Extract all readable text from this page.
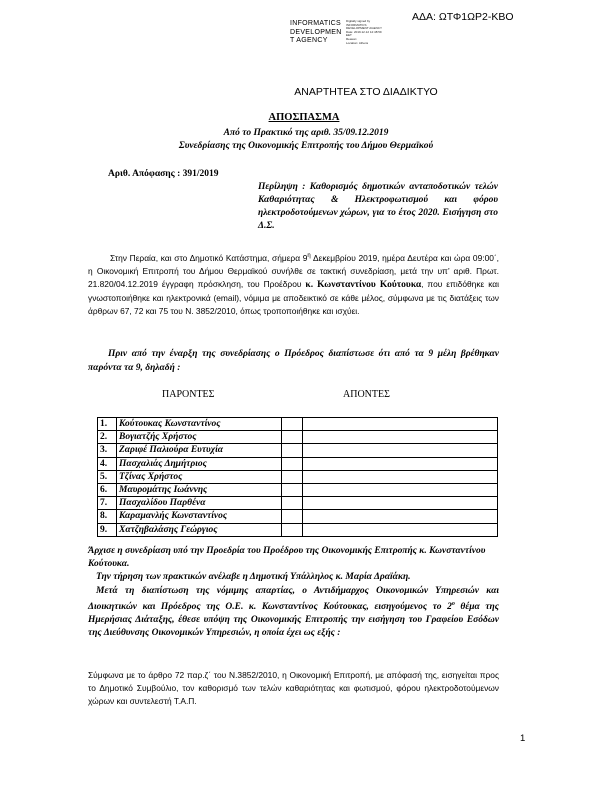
ΑΔΑ: ΩΤΦ1ΩΡ2-ΚΒΟ
INFORMATICS
DEVELOPMEN
T AGENCY
Digitally signed by
INFORMATICS
DEVELOPMENT AGENCY
Date: 2019.12.12 12:48:59
EET
Reason:
Location: Athens
ΑΝΑΡΤΗΤΕΑ ΣΤΟ ΔΙΑΔΙΚΤΥΟ
ΑΠΟΣΠΑΣΜΑ
Από το Πρακτικό της αριθ. 35/09.12.2019
Συνεδρίασης της Οικονομικής Επιτροπής του Δήμου Θερμαϊκού
Αριθ. Απόφασης : 391/2019
Περίληψη : Καθορισμός δημοτικών ανταποδοτικών τελών Καθαριότητας & Ηλεκτροφωτισμού και φόρου ηλεκτροδοτούμενων χώρων, για το έτος 2020. Εισήγηση στο Δ.Σ.
Στην Περαία, και στο Δημοτικό Κατάστημα, σήμερα $9^\eta$ Δεκεμβρίου 2019, ημέρα Δευτέρα και ώρα 09:00΄, η Οικονομική Επιτροπή του Δήμου Θερμαϊκού συνήλθε σε τακτική συνεδρίαση, μετά την υπ’ αριθ. Πρωτ. 21.820/04.12.2019 έγγραφη πρόσκληση, του Προέδρου κ. Κωνσταντίνου Κούτουκα, που επιδόθηκε και γνωστοποιήθηκε και ηλεκτρονικά (email), νόμιμα με αποδεικτικό σε κάθε μέλος, σύμφωνα με τις διατάξεις των άρθρων 67, 72 και 75 του Ν. 3852/2010, όπως τροποποιήθηκε και ισχύει.
Πριν από την έναρξη της συνεδρίασης ο Πρόεδρος διαπίστωσε ότι από τα 9 μέλη βρέθηκαν παρόντα τα 9, δηλαδή :
ΠΑΡΟΝΤΕΣ	ΑΠΟΝΤΕΣ
1.	Κούτουκας Κωνσταντίνος		
2.	Βογιατζής Χρήστος		
3.	Ζαριφέ Παλιούρα Ευτυχία		
4.	Πασχαλιάς Δημήτριος		
5.	Τζίνας Χρήστος		
6.	Μαυρομάτης Ιωάννης		
7.	Πασχαλίδου Παρθένα		
8.	Καραμανλής Κωνσταντίνος		
9.	Χατζηβαλάσης Γεώργιος		
Άρχισε η συνεδρίαση υπό την Προεδρία του Προέδρου της Οικονομικής Επιτροπής κ. Κωνσταντίνου Κούτουκα.
Την τήρηση των πρακτικών ανέλαβε η Δημοτική Υπάλληλος κ. Μαρία Δραϊάκη.
Μετά τη διαπίστωση της νόμιμης απαρτίας, ο Αντιδήμαρχος Οικονομικών Υπηρεσιών και Διοικητικών και Πρόεδρος της Ο.Ε. κ. Κωνσταντίνος Κούτουκας, εισηγούμενος το $2^o$ θέμα της Ημερήσιας Διάταξης, έθεσε υπόψη της Οικονομικής Επιτροπής την εισήγηση του Γραφείου Εσόδων της Διεύθυνσης Οικονομικών Υπηρεσιών, η οποία έχει ως εξής :
Σύμφωνα με το άρθρο 72 παρ.ζ΄ του Ν.3852/2010, η Οικονομική Επιτροπή, με απόφασή της, εισηγείται προς το Δημοτικό Συμβούλιο, τον καθορισμό των τελών καθαριότητας και φωτισμού, φόρου ηλεκτροδοτούμενων χώρων και συντελεστή Τ.Α.Π.
1
